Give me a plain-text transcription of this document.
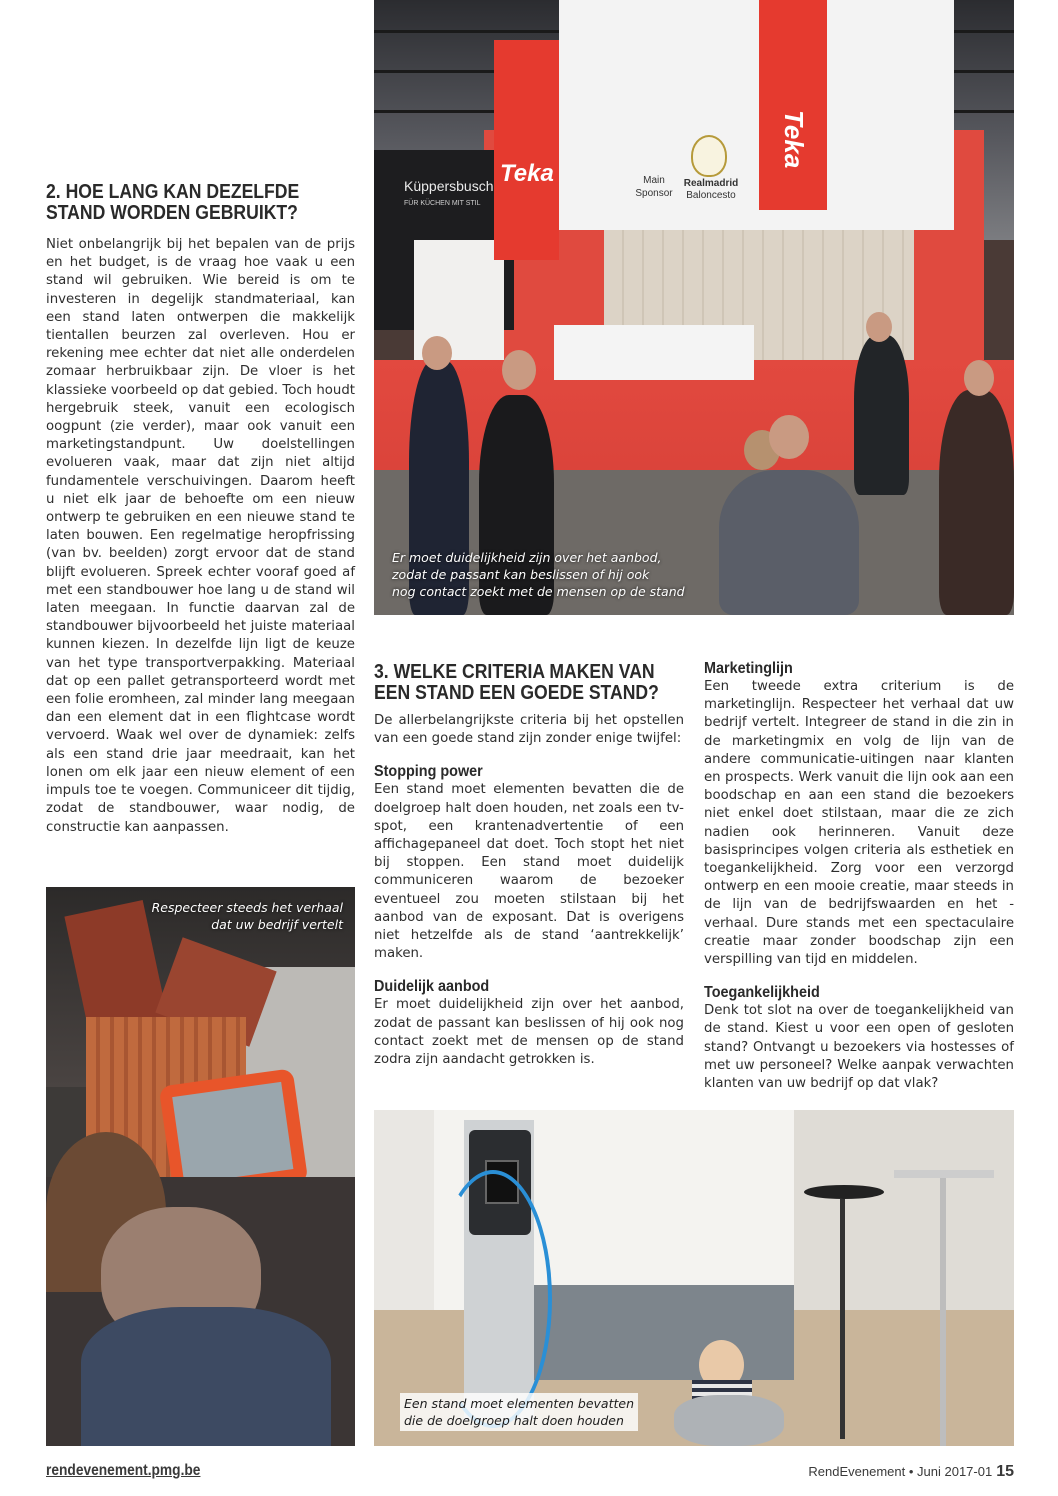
2. HOE LANG KAN DEZELFDE
STAND WORDEN GEBRUIKT?

Niet onbelangrijk bij het bepalen van de prijs en het budget, is de vraag hoe vaak u een stand wil gebruiken. Wie bereid is om te investeren in degelijk standmateriaal, kan een stand laten ontwerpen die makkelijk tientallen beurzen zal overleven. Hou er rekening mee echter dat niet alle onderdelen zomaar herbruikbaar zijn. De vloer is het klassieke voorbeeld op dat gebied. Toch houdt hergebruik steek, vanuit een ecologisch oogpunt (zie verder), maar ook vanuit een marketingstandpunt. Uw doelstellingen evolueren vaak, maar dat zijn niet altijd fundamentele verschuivingen. Daarom heeft u niet elk jaar de behoefte om een nieuw ontwerp te gebruiken en een nieuwe stand te laten bouwen. Een regelmatige heropfrissing (van bv. beelden) zorgt ervoor dat de stand blijft evolueren. Spreek echter vooraf goed af met een standbouwer hoe lang u de stand wil laten meegaan. In functie daarvan zal de standbouwer bijvoorbeeld het juiste materiaal kunnen kiezen. In dezelfde lijn ligt de keuze van het type transportverpakking. Materiaal dat op een pallet getransporteerd wordt met een folie eromheen, zal minder lang meegaan dan een element dat in een flightcase wordt vervoerd. Waak wel over de dynamiek: zelfs als een stand drie jaar meedraait, kan het lonen om elk jaar een nieuw element of een impuls toe te voegen. Communiceer dit tijdig, zodat de standbouwer, waar nodig, de constructie kan aanpassen.

Küppersbusch
FÜR KÜCHEN MIT STIL
Main
Sponsor
Realmadrid
Baloncesto
Teka
Teka
Er moet duidelijkheid zijn over het aanbod,
zodat de passant kan beslissen of hij ook
nog contact zoekt met de mensen op de stand
3. WELKE CRITERIA MAKEN VAN
EEN STAND EEN GOEDE STAND?

De allerbelangrijkste criteria bij het opstellen van een goede stand zijn zonder enige twijfel:

Stopping power

Een stand moet elementen bevatten die de doelgroep halt doen houden, net zoals een tv-spot, een krantenadvertentie of een affichagepaneel dat doet. Toch stopt het niet bij stoppen. Een stand moet duidelijk communiceren waarom de bezoeker eventueel zou moeten stilstaan bij het aanbod van de exposant. Dat is overigens niet hetzelfde als de stand ‘aantrekkelijk’ maken.

Duidelijk aanbod

Er moet duidelijkheid zijn over het aanbod, zodat de passant kan beslissen of hij ook nog contact zoekt met de mensen op de stand zodra zijn aandacht getrokken is.

Marketinglijn

Een tweede extra criterium is de marketinglijn. Respecteer het verhaal dat uw bedrijf vertelt. Integreer de stand in die zin in de marketingmix en volg de lijn van de andere communicatie-uitingen naar klanten en prospects. Werk vanuit die lijn ook aan een boodschap en aan een stand die bezoekers niet enkel doet stilstaan, maar die ze zich nadien ook herinneren. Vanuit deze basisprincipes volgen criteria als esthetiek en toegankelijkheid. Zorg voor een verzorgd ontwerp en een mooie creatie, maar steeds in de lijn van de bedrijfswaarden en het -verhaal. Dure stands met een spectaculaire creatie maar zonder boodschap zijn een verspilling van tijd en middelen.

Toegankelijkheid

Denk tot slot na over de toegankelijkheid van de stand. Kiest u voor een open of gesloten stand? Ontvangt u bezoekers via hostesses of met uw personeel? Welke aanpak verwachten klanten van uw bedrijf op dat vlak?

Respecteer steeds het verhaal
dat uw bedrijf vertelt
Een stand moet elementen bevatten
die de doelgroep halt doen houden
rendevenement.pmg.be	RendEvenement • Juni 2017-01 15
